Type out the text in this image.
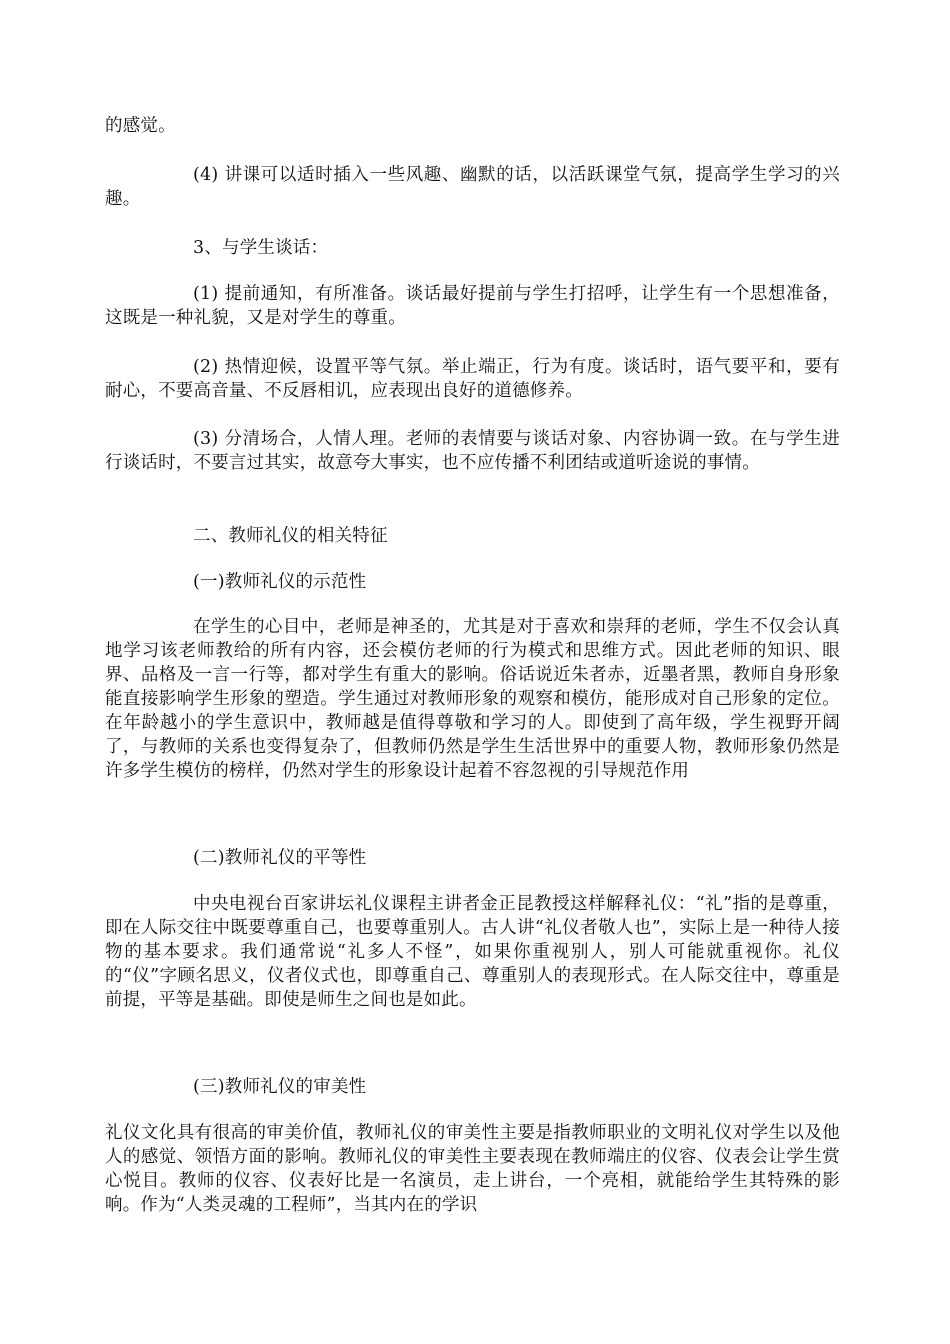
的感觉。

(4) 讲课可以适时插入一些风趣、幽默的话，以活跃课堂气氛，提高学生学习的兴趣。

3、与学生谈话：

(1) 提前通知，有所准备。谈话最好提前与学生打招呼，让学生有一个思想准备，这既是一种礼貌，又是对学生的尊重。

(2) 热情迎候，设置平等气氛。举止端正，行为有度。谈话时，语气要平和，要有耐心，不要高音量、不反唇相讥，应表现出良好的道德修养。

(3) 分清场合，人情人理。老师的表情要与谈话对象、内容协调一致。在与学生进行谈话时，不要言过其实，故意夸大事实，也不应传播不利团结或道听途说的事情。

二、教师礼仪的相关特征

(一)教师礼仪的示范性

在学生的心目中，老师是神圣的，尤其是对于喜欢和崇拜的老师，学生不仅会认真地学习该老师教给的所有内容，还会模仿老师的行为模式和思维方式。因此老师的知识、眼界、品格及一言一行等，都对学生有重大的影响。俗话说近朱者赤，近墨者黑，教师自身形象能直接影响学生形象的塑造。学生通过对教师形象的观察和模仿，能形成对自己形象的定位。在年龄越小的学生意识中，教师越是值得尊敬和学习的人。即使到了高年级，学生视野开阔了，与教师的关系也变得复杂了，但教师仍然是学生生活世界中的重要人物，教师形象仍然是许多学生模仿的榜样，仍然对学生的形象设计起着不容忽视的引导规范作用

(二)教师礼仪的平等性

中央电视台百家讲坛礼仪课程主讲者金正昆教授这样解释礼仪：“礼”指的是尊重，即在人际交往中既要尊重自己，也要尊重别人。古人讲“礼仪者敬人也”，实际上是一种待人接物的基本要求。我们通常说“礼多人不怪”，如果你重视别人，别人可能就重视你。礼仪的“仪”字顾名思义，仪者仪式也，即尊重自己、尊重别人的表现形式。在人际交往中，尊重是前提，平等是基础。即使是师生之间也是如此。

(三)教师礼仪的审美性

礼仪文化具有很高的审美价值，教师礼仪的审美性主要是指教师职业的文明礼仪对学生以及他人的感觉、领悟方面的影响。教师礼仪的审美性主要表现在教师端庄的仪容、仪表会让学生赏心悦目。教师的仪容、仪表好比是一名演员，走上讲台，一个亮相，就能给学生其特殊的影响。作为“人类灵魂的工程师”，当其内在的学识
